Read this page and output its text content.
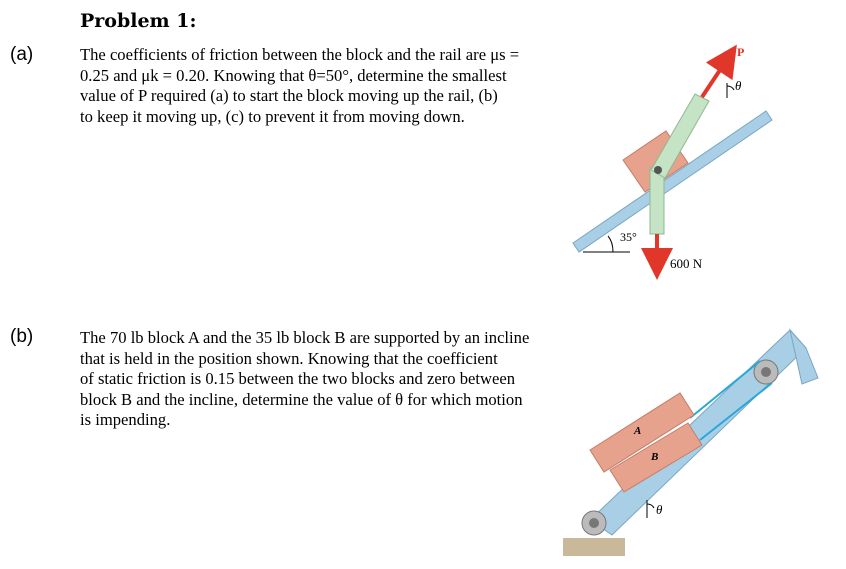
Problem 1:
(a)	The coefficients of friction between the block and the rail are μs =
0.25 and μk = 0.20. Knowing that θ=50°, determine the smallest
value of P required (a) to start the block moving up the rail, (b)
to keep it moving up, (c) to prevent it from moving down.
(b)	The 70 lb block A and the 35 lb block B are supported by an incline
that is held in the position shown. Knowing that the coefficient
of static friction is 0.15 between the two blocks and zero between
block B and the incline, determine the value of θ for which motion
is impending.
P
θ
600 N
35°
A
B
θ
